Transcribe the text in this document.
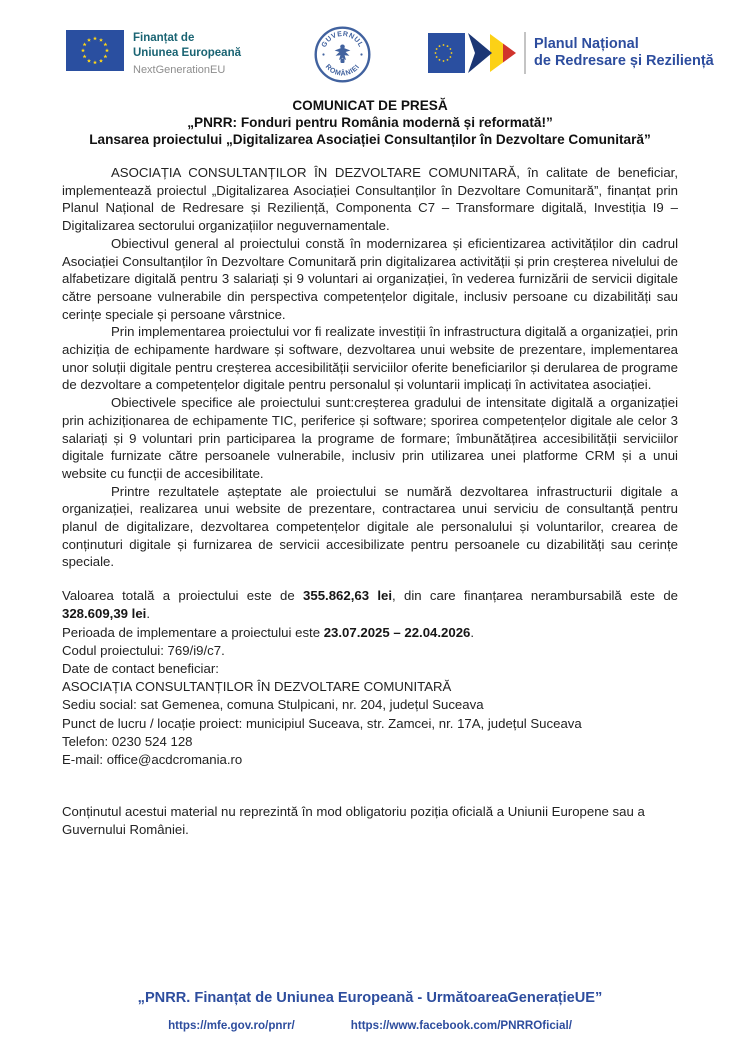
Finanțat de
Uniunea Europeană
NextGenerationEU
GUVERNUL
ROMÂNIEI
Planul Național
de Redresare și Reziliență
COMUNICAT DE PRESĂ
„PNRR: Fonduri pentru România modernă și reformată!”
Lansarea proiectului „Digitalizarea Asociației Consultanților în Dezvoltare Comunitară”

ASOCIAȚIA CONSULTANȚILOR ÎN DEZVOLTARE COMUNITARĂ, în calitate de beneficiar, implementează proiectul „Digitalizarea Asociației Consultanților în Dezvoltare Comunitară”, finanțat prin Planul Național de Redresare și Reziliență, Componenta C7 – Transformare digitală, Investiția I9 – Digitalizarea sectorului organizațiilor neguvernamentale.

Obiectivul general al proiectului constă în modernizarea și eficientizarea activităților din cadrul Asociației Consultanților în Dezvoltare Comunitară prin digitalizarea activității și prin creșterea nivelului de alfabetizare digitală pentru 3 salariați și 9 voluntari ai organizației, în vederea furnizării de servicii digitale către persoane vulnerabile din perspectiva competențelor digitale, inclusiv persoane cu dizabilități sau cerințe speciale și persoane vârstnice.

Prin implementarea proiectului vor fi realizate investiții în infrastructura digitală a organizației, prin achiziția de echipamente hardware și software, dezvoltarea unui website de prezentare, implementarea unor soluții digitale pentru creșterea accesibilității serviciilor oferite beneficiarilor și derularea de programe de dezvoltare a competențelor digitale pentru personalul și voluntarii implicați în activitatea asociației.

Obiectivele specifice ale proiectului sunt:creșterea gradului de intensitate digitală a organizației prin achiziționarea de echipamente TIC, periferice și software; sporirea competențelor digitale ale celor 3 salariați și 9 voluntari prin participarea la programe de formare; îmbunătățirea accesibilității serviciilor digitale furnizate către persoanele vulnerabile, inclusiv prin utilizarea unei platforme CRM și a unui website cu funcții de accesibilitate.

Printre rezultatele așteptate ale proiectului se numără dezvoltarea infrastructurii digitale a organizației, realizarea unui website de prezentare, contractarea unui serviciu de consultanță pentru planul de digitalizare, dezvoltarea competențelor digitale ale personalului și voluntarilor, crearea de conținuturi digitale și furnizarea de servicii accesibilizate pentru persoanele cu dizabilități sau cerințe speciale.

Valoarea totală a proiectului este de 355.862,63 lei, din care finanțarea nerambursabilă este de 328.609,39 lei.

Perioada de implementare a proiectului este 23.07.2025 – 22.04.2026.

Codul proiectului: 769/i9/c7.

Date de contact beneficiar:

ASOCIAȚIA CONSULTANȚILOR ÎN DEZVOLTARE COMUNITARĂ

Sediu social: sat Gemenea, comuna Stulpicani, nr. 204, județul Suceava

Punct de lucru / locație proiect: municipiul Suceava, str. Zamcei, nr. 17A, județul Suceava

Telefon: 0230 524 128

E-mail: office@acdcromania.ro

Conținutul acestui material nu reprezintă în mod obligatoriu poziția oficială a Uniunii Europene sau a Guvernului României.

„PNRR. Finanțat de Uniunea Europeană - UrmătoareaGenerațieUE”
https://mfe.gov.ro/pnrr/	https://www.facebook.com/PNRROficial/
